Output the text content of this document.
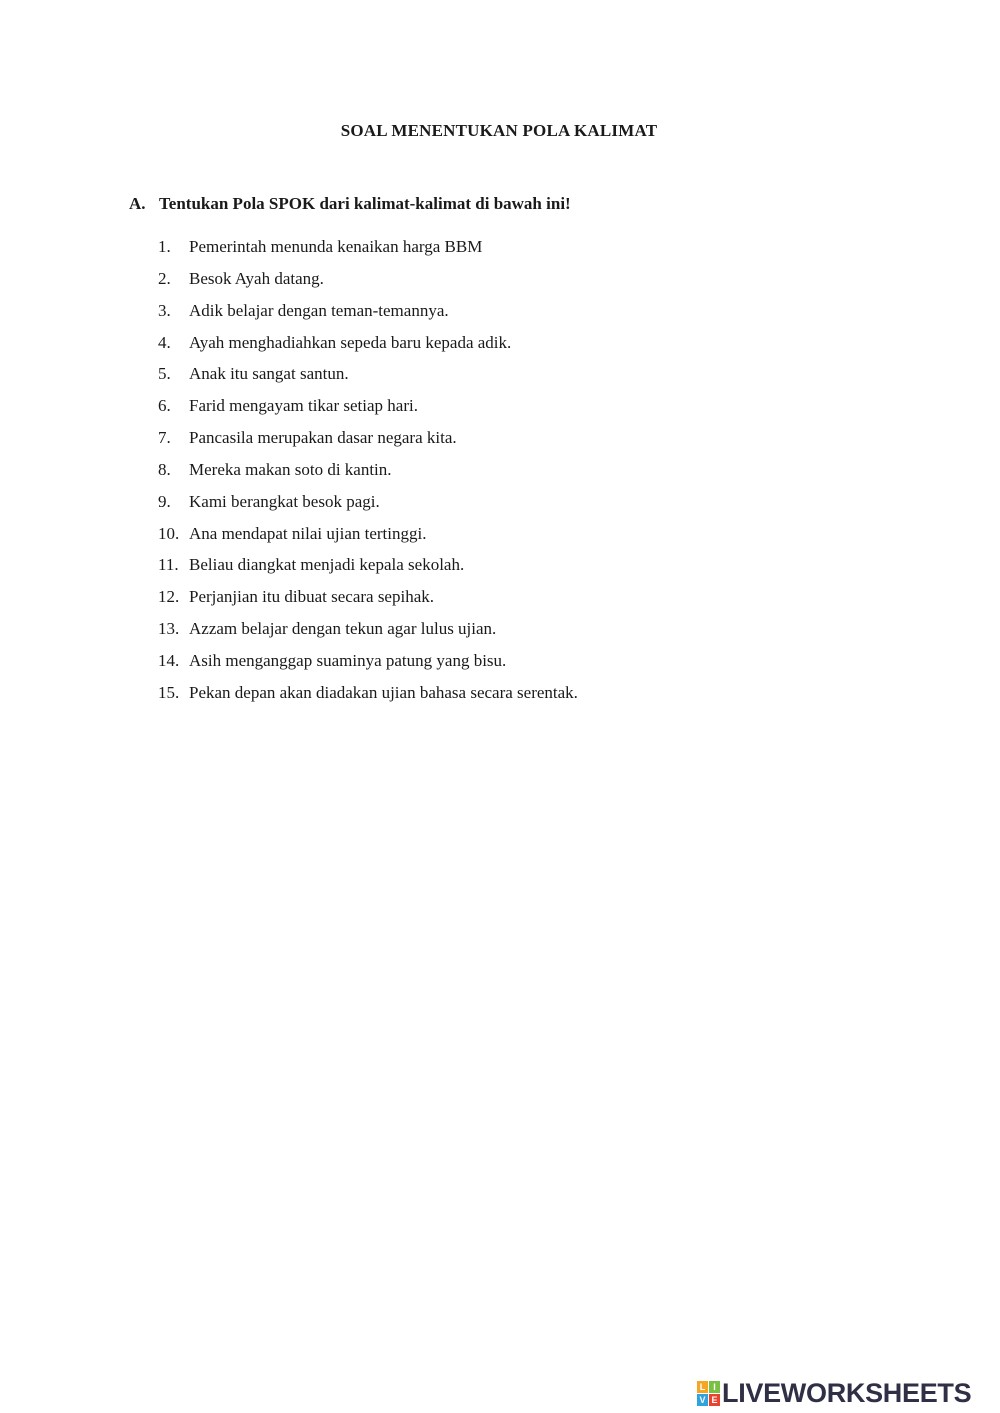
SOAL MENENTUKAN POLA KALIMAT
A. Tentukan Pola SPOK dari kalimat-kalimat di bawah ini!
1. Pemerintah menunda kenaikan harga BBM
2. Besok Ayah datang.
3. Adik belajar dengan teman-temannya.
4. Ayah menghadiahkan sepeda baru kepada adik.
5. Anak itu sangat santun.
6. Farid mengayam tikar setiap hari.
7. Pancasila merupakan dasar negara kita.
8. Mereka makan soto di kantin.
9. Kami berangkat besok pagi.
10. Ana mendapat nilai ujian tertinggi.
11. Beliau diangkat menjadi kepala sekolah.
12. Perjanjian itu dibuat secara sepihak.
13. Azzam belajar dengan tekun agar lulus ujian.
14. Asih menganggap suaminya patung yang bisu.
15. Pekan depan akan diadakan ujian bahasa secara serentak.
L I
V E LIVEWORKSHEETS
